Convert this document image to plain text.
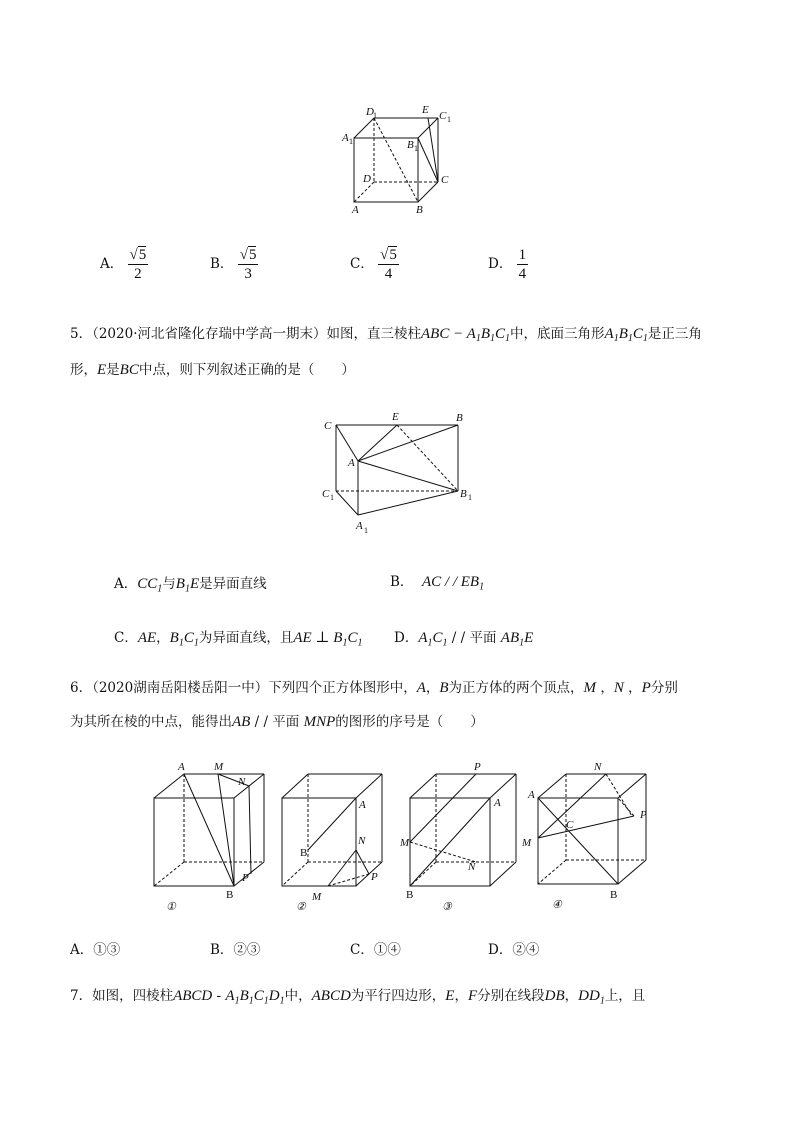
D 1	E C 1
A 1	B 1
D	C
A	B
A． $\frac{√5}{2}$	B． $\frac{√5}{3}$	C． $\frac{√5}{4}$	D． $\frac{1}{4}$
5．（2020·河北省隆化存瑞中学高一期末）如图，直三棱柱ABC − $A_1B_1C_1$中，底面三角形$A_1B_1C_1$是正三角
形，E是BC中点，则下列叙述正确的是（　　）
C
E	B
A
C 1	B 1
A 1
A．$CC_1$与$B_1E$是异面直线	B． AC / / $EB_1$
C．AE，$B_1C_1$为异面直线，且AE ⊥ $B_1C_1$ D．$A_1C_1$ / / 平面 $AB_1E$
6．（2020湖南岳阳楼岳阳一中）下列四个正方体图形中，A，B为正方体的两个顶点，M ，N ，P分别
为其所在棱的中点，能得出AB / / 平面 MNP的图形的序号是（　　）
A	M
N
P
B
①
A
N
B
M
P
②
P
A
M
N
B
③
N
A
C
P
M
B
④
A．①③	B．②③	C．①④	D．②④
7．如图，四棱柱ABCD - $A_1B_1C_1D_1$中，ABCD为平行四边形，E，F分别在线段DB，$DD_1$上，且
